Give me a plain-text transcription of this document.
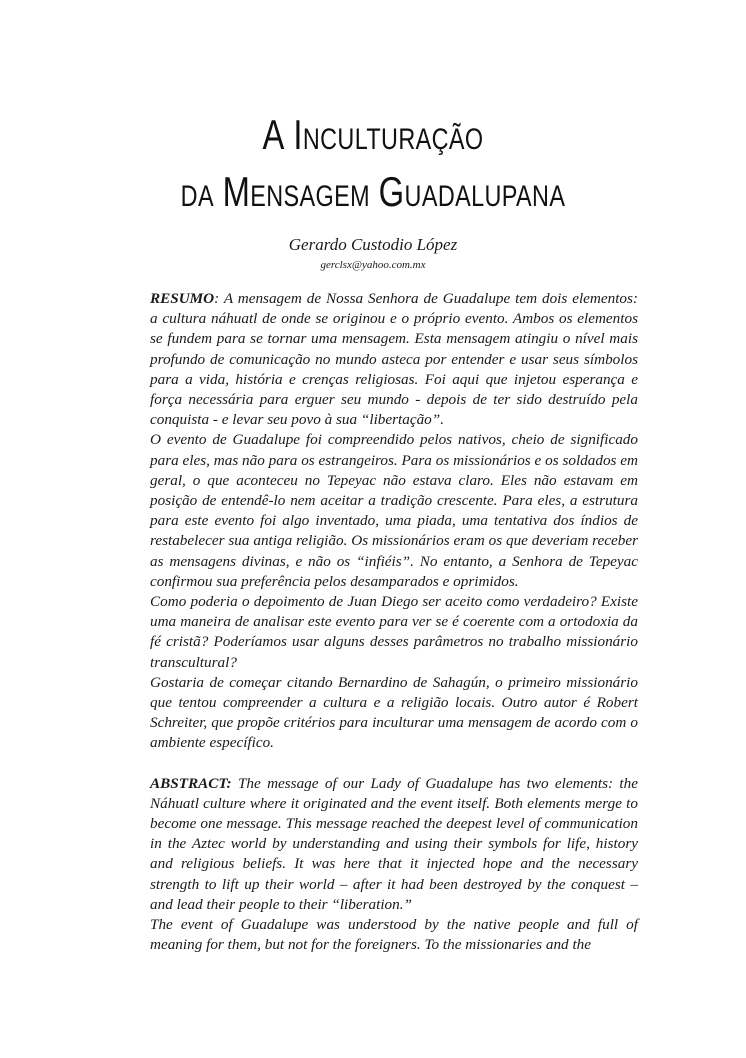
A INCULTURAÇÃO
DA MENSAGEM GUADALUPANA
Gerardo Custodio López
gerclsx@yahoo.com.mx

RESUMO: A mensagem de Nossa Senhora de Guadalupe tem dois elementos: a cultura náhuatl de onde se originou e o próprio evento. Ambos os elementos se fundem para se tornar uma mensagem. Esta mensagem atingiu o nível mais profundo de comunicação no mundo asteca por entender e usar seus símbolos para a vida, história e crenças religiosas. Foi aqui que injetou esperança e força necessária para erguer seu mundo - depois de ter sido destruído pela conquista - e levar seu povo à sua “libertação”.

O evento de Guadalupe foi compreendido pelos nativos, cheio de significado para eles, mas não para os estrangeiros. Para os missionários e os soldados em geral, o que aconteceu no Tepeyac não estava claro. Eles não estavam em posição de entendê-lo nem aceitar a tradição crescente. Para eles, a estrutura para este evento foi algo inventado, uma piada, uma tentativa dos índios de restabelecer sua antiga religião. Os missionários eram os que deveriam receber as mensagens divinas, e não os “infiéis”. No entanto, a Senhora de Tepeyac confirmou sua preferência pelos desamparados e oprimidos.

Como poderia o depoimento de Juan Diego ser aceito como verdadeiro? Existe uma maneira de analisar este evento para ver se é coerente com a ortodoxia da fé cristã? Poderíamos usar alguns desses parâmetros no trabalho missionário transcultural?

Gostaria de começar citando Bernardino de Sahagún, o primeiro missionário que tentou compreender a cultura e a religião locais. Outro autor é Robert Schreiter, que propõe critérios para inculturar uma mensagem de acordo com o ambiente específico.

ABSTRACT: The message of our Lady of Guadalupe has two elements: the Náhuatl culture where it originated and the event itself. Both elements merge to become one message. This message reached the deepest level of communication in the Aztec world by understanding and using their symbols for life, history and religious beliefs. It was here that it injected hope and the necessary strength to lift up their world – after it had been destroyed by the conquest – and lead their people to their “liberation.”

The event of Guadalupe was understood by the native people and full of meaning for them, but not for the foreigners. To the missionaries and the
